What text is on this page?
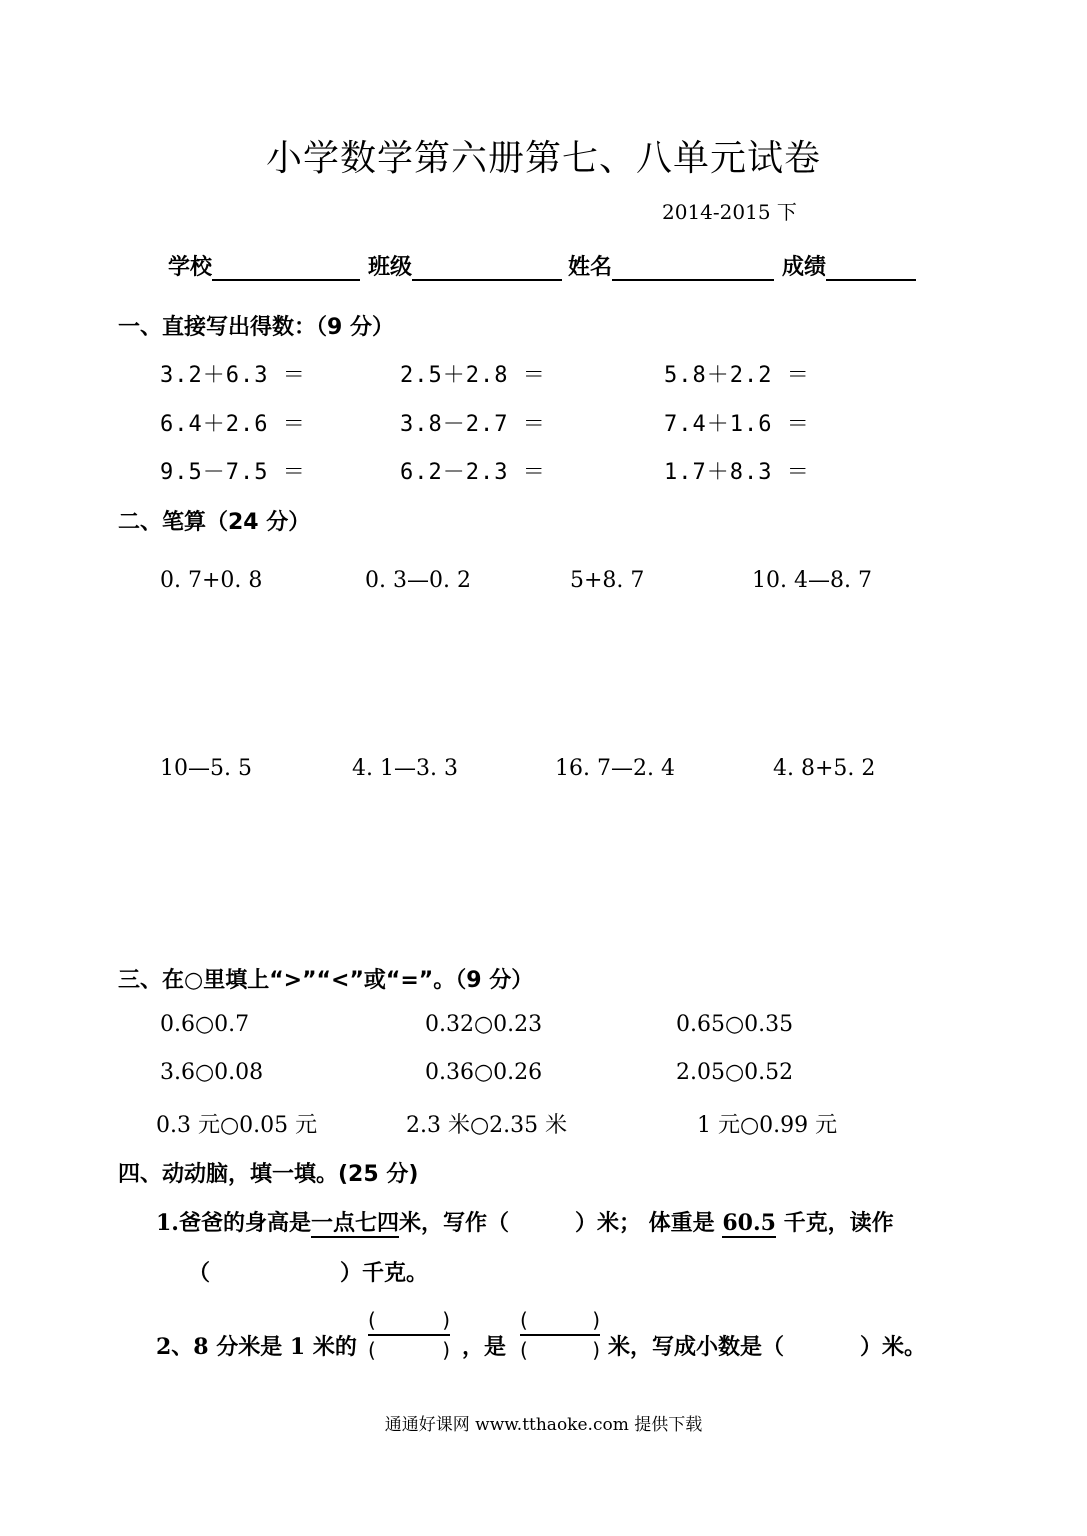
小学数学第六册第七、八单元试卷
2014-2015 下
学校	班级	姓名	成绩
一、直接写出得数：（9 分）
3.2＋6.3 ＝	2.5＋2.8 ＝	5.8＋2.2 ＝
6.4＋2.6 ＝	3.8－2.7 ＝	7.4＋1.6 ＝
9.5－7.5 ＝	6.2－2.3 ＝	1.7＋8.3 ＝
二、笔算（24 分）
0. 7+0. 8	0. 3—0. 2	5+8. 7	10. 4—8. 7
10—5. 5	4. 1—3. 3	16. 7—2. 4	4. 8+5. 2
三、在○里填上“>”“<”或“=”。（9 分）
0.6○0.7	0.32○0.23	0.65○0.35
3.6○0.08	0.36○0.26	2.05○0.52
0.3 元○0.05 元	2.3 米○2.35 米	1 元○0.99 元
四、动动脑，填一填。(25 分)
1.爸爸的身高是一点七四米，写作（	）米； 体重是 60.5 千克，读作
（	）千克。
2、8 分米是 1 米的
(	)
(	) ，是
(	)
(	) 米，写成小数是（	）米。
通通好课网 www.tthaoke.com 提供下载
